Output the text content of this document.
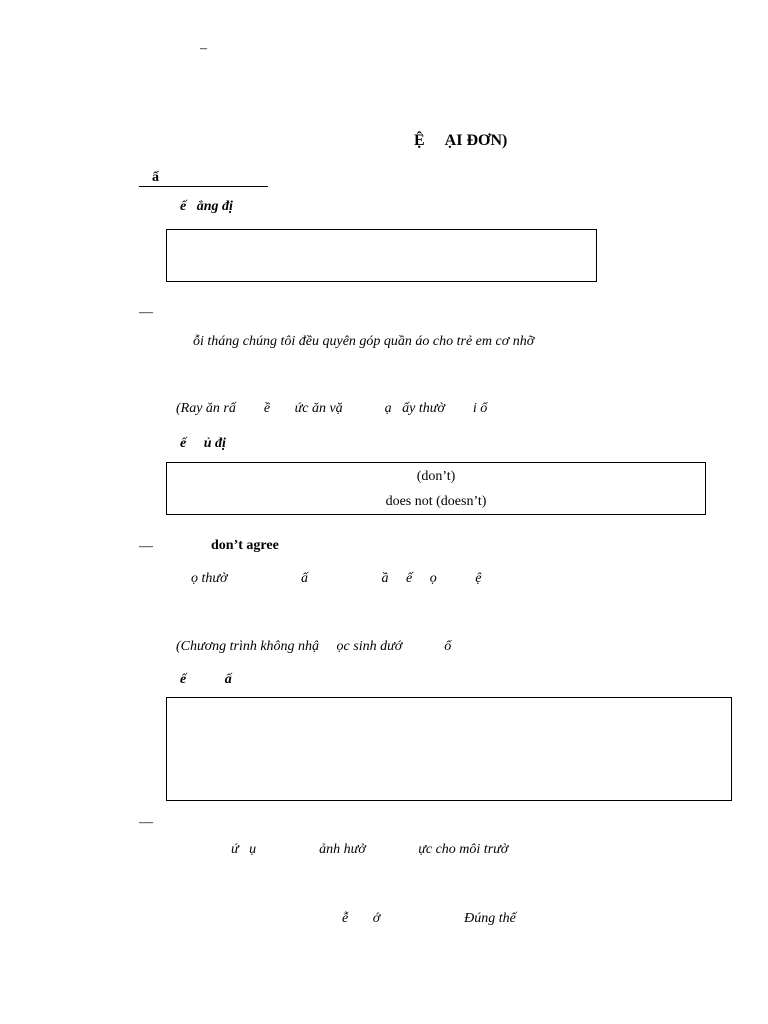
–
Ệ     ẠI ĐƠN)
ấ
ế   ẳng đị
—
ỗi tháng chúng tôi đều quyên góp quần áo cho trẻ em cơ nhỡ
(Ray ăn rấ        ề       ức ăn vặ            ạ   ấy thườ        i ổ
ế     ủ đị
(don’t)
does not (doesn’t)
—	don’t agree
ọ thườ                     ấ                     ầ     ế     ọ           ệ
(Chương trình không nhậ     ọc sinh dướ            ổ
ế           ấ
—
ứ   ụ                  ảnh hưở               ực cho môi trườ
ễ       ớ                        Đúng thế
